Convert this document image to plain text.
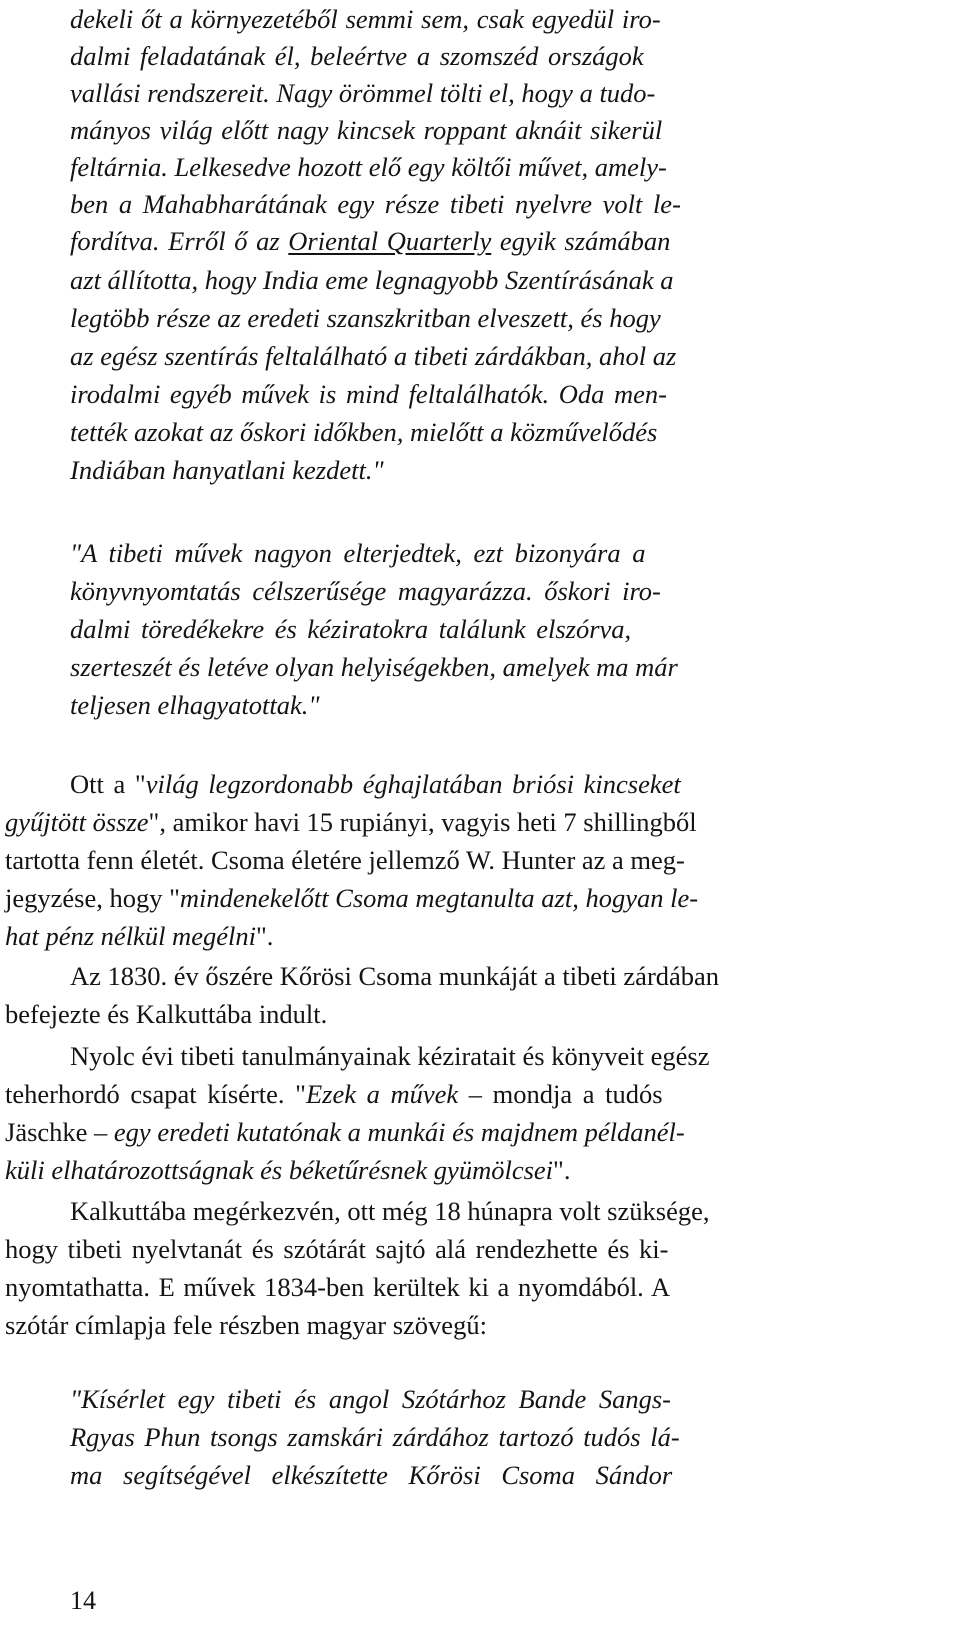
dekeli őt a környezetéből semmi sem, csak egyedül iro-
dalmi feladatának él, beleértve a szomszéd országok
vallási rendszereit. Nagy örömmel tölti el, hogy a tudo-
mányos világ előtt nagy kincsek roppant aknáit sikerül
feltárnia. Lelkesedve hozott elő egy költői művet, amely-
ben a Mahabharátának egy része tibeti nyelvre volt le-
fordítva. Erről ő az Oriental Quarterly egyik számában
azt állította, hogy India eme legnagyobb Szentírásának a
legtöbb része az eredeti szanszkritban elveszett, és hogy
az egész szentírás feltalálható a tibeti zárdákban, ahol az
irodalmi egyéb művek is mind feltalálhatók. Oda men-
tették azokat az őskori időkben, mielőtt a közművelődés
Indiában hanyatlani kezdett."
"A tibeti művek nagyon elterjedtek, ezt bizonyára a
könyvnyomtatás célszerűsége magyarázza. őskori iro-
dalmi töredékekre és kéziratokra találunk elszórva,
szerteszét és letéve olyan helyiségekben, amelyek ma már
teljesen elhagyatottak."
Ott a "világ legzordonabb éghajlatában briósi kincseket
gyűjtött össze", amikor havi 15 rupiányi, vagyis heti 7 shillingből
tartotta fenn életét. Csoma életére jellemző W. Hunter az a meg-
jegyzése, hogy "mindenekelőtt Csoma megtanulta azt, hogyan le-
hat pénz nélkül megélni".
Az 1830. év őszére Kőrösi Csoma munkáját a tibeti zárdában
befejezte és Kalkuttába indult.
Nyolc évi tibeti tanulmányainak kéziratait és könyveit egész
teherhordó csapat kísérte. "Ezek a művek – mondja a tudós
Jäschke – egy eredeti kutatónak a munkái és majdnem példanél-
küli elhatározottságnak és béketűrésnek gyümölcsei".
Kalkuttába megérkezvén, ott még 18 húnapra volt szüksége,
hogy tibeti nyelvtanát és szótárát sajtó alá rendezhette és ki-
nyomtathatta. E művek 1834-ben kerültek ki a nyomdából. A
szótár címlapja fele részben magyar szövegű:
"Kísérlet egy tibeti és angol Szótárhoz Bande Sangs-
Rgyas Phun tsongs zamskári zárdához tartozó tudós lá-
ma segítségével elkészítette Kőrösi Csoma Sándor
14
